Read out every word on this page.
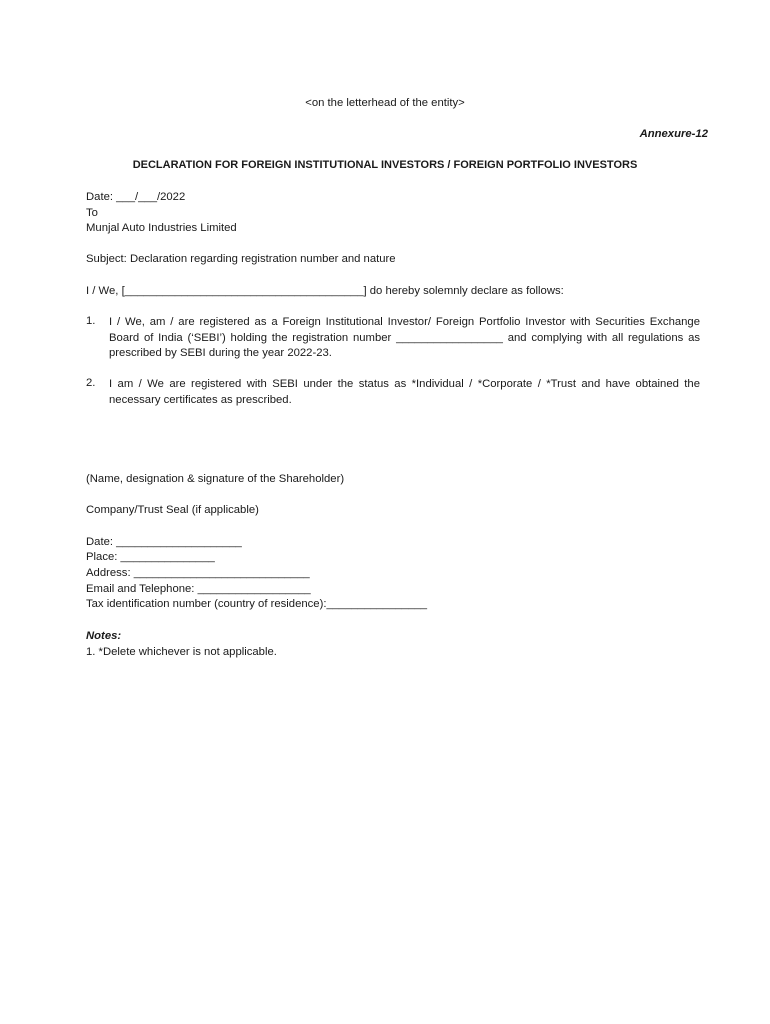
<on the letterhead of the entity>
Annexure-12
DECLARATION FOR FOREIGN INSTITUTIONAL INVESTORS / FOREIGN PORTFOLIO INVESTORS
Date: ___/___/2022
To
Munjal Auto Industries Limited
Subject: Declaration regarding registration number and nature
I / We, [______________________________________] do hereby solemnly declare as follows:
1. I / We, am / are registered as a Foreign Institutional Investor/ Foreign Portfolio Investor with Securities Exchange Board of India (‘SEBI’) holding the registration number _________________ and complying with all regulations as prescribed by SEBI during the year 2022-23.
2. I am / We are registered with SEBI under the status as *Individual / *Corporate / *Trust and have obtained the necessary certificates as prescribed.
(Name, designation & signature of the Shareholder)
Company/Trust Seal (if applicable)
Date: ____________________
Place: _______________
Address: ____________________________
Email and Telephone: __________________
Tax identification number (country of residence):________________
Notes:
1. *Delete whichever is not applicable.
